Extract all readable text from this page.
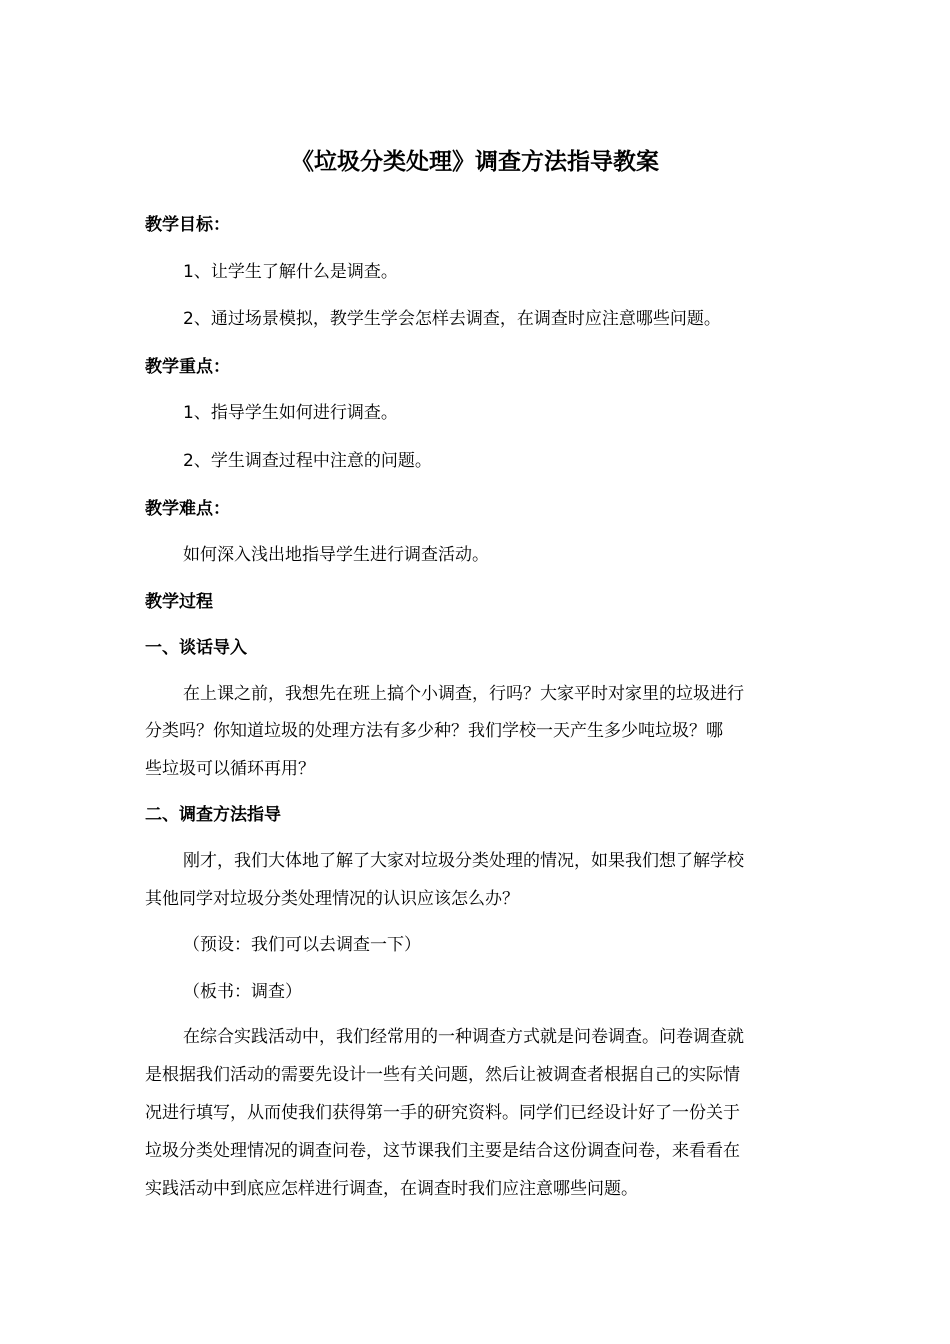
《垃圾分类处理》调查方法指导教案
教学目标：
1、让学生了解什么是调查。
2、通过场景模拟，教学生学会怎样去调查，在调查时应注意哪些问题。
教学重点：
1、指导学生如何进行调查。
2、学生调查过程中注意的问题。
教学难点：
如何深入浅出地指导学生进行调查活动。
教学过程
一、谈话导入
在上课之前，我想先在班上搞个小调查，行吗？大家平时对家里的垃圾进行
分类吗？你知道垃圾的处理方法有多少种？我们学校一天产生多少吨垃圾？哪
些垃圾可以循环再用？
二、调查方法指导
刚才，我们大体地了解了大家对垃圾分类处理的情况，如果我们想了解学校
其他同学对垃圾分类处理情况的认识应该怎么办？
（预设：我们可以去调查一下）
（板书：调查）
在综合实践活动中，我们经常用的一种调查方式就是问卷调查。问卷调查就
是根据我们活动的需要先设计一些有关问题，然后让被调查者根据自己的实际情
况进行填写，从而使我们获得第一手的研究资料。同学们已经设计好了一份关于
垃圾分类处理情况的调查问卷，这节课我们主要是结合这份调查问卷，来看看在
实践活动中到底应怎样进行调查，在调查时我们应注意哪些问题。
